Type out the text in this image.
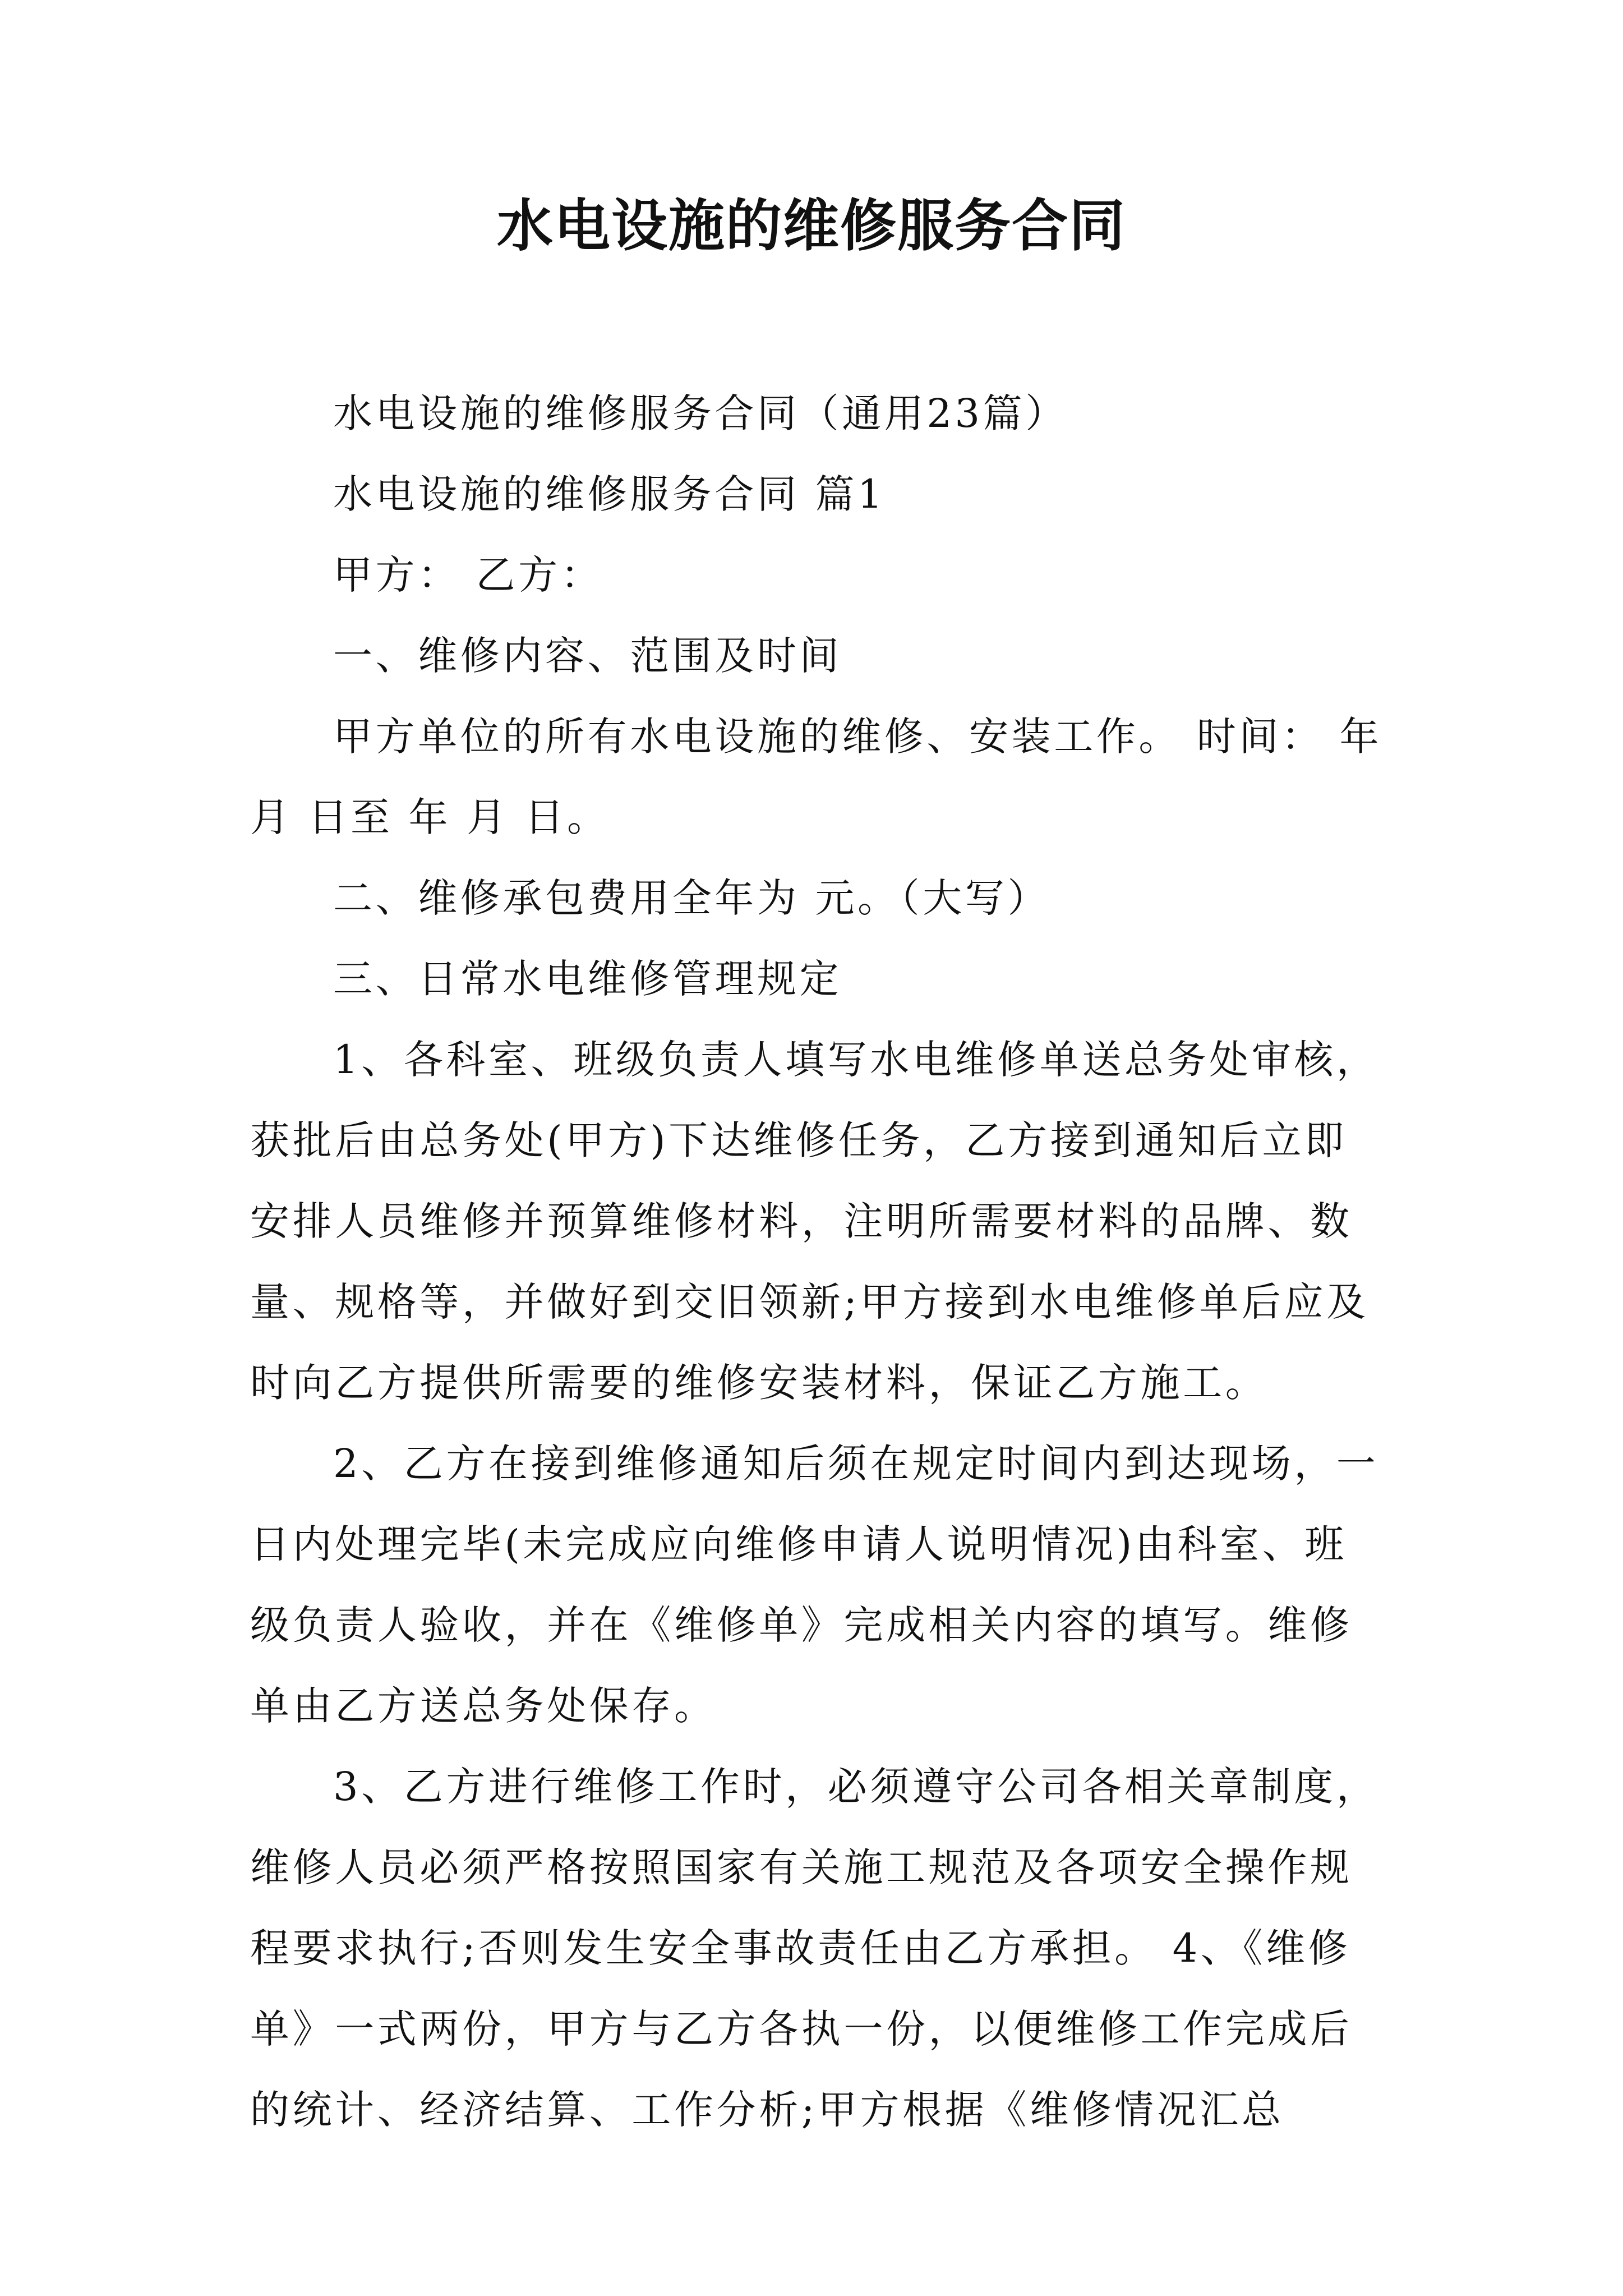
水电设施的维修服务合同

水电设施的维修服务合同（通用23篇）

水电设施的维修服务合同 篇1

甲方： 乙方：

一、维修内容、范围及时间

甲方单位的所有水电设施的维修、安装工作。 时间： 年 月 日至 年 月 日。

二、维修承包费用全年为 元。（大写）

三、日常水电维修管理规定

1、各科室、班级负责人填写水电维修单送总务处审核，获批后由总务处(甲方)下达维修任务，乙方接到通知后立即安排人员维修并预算维修材料，注明所需要材料的品牌、数量、规格等，并做好到交旧领新;甲方接到水电维修单后应及时向乙方提供所需要的维修安装材料，保证乙方施工。

2、乙方在接到维修通知后须在规定时间内到达现场，一日内处理完毕(未完成应向维修申请人说明情况)由科室、班级负责人验收，并在《维修单》完成相关内容的填写。维修单由乙方送总务处保存。

3、乙方进行维修工作时，必须遵守公司各相关章制度，维修人员必须严格按照国家有关施工规范及各项安全操作规程要求执行;否则发生安全事故责任由乙方承担。 4、《维修单》一式两份，甲方与乙方各执一份，以便维修工作完成后的统计、经济结算、工作分析;甲方根据《维修情况汇总
